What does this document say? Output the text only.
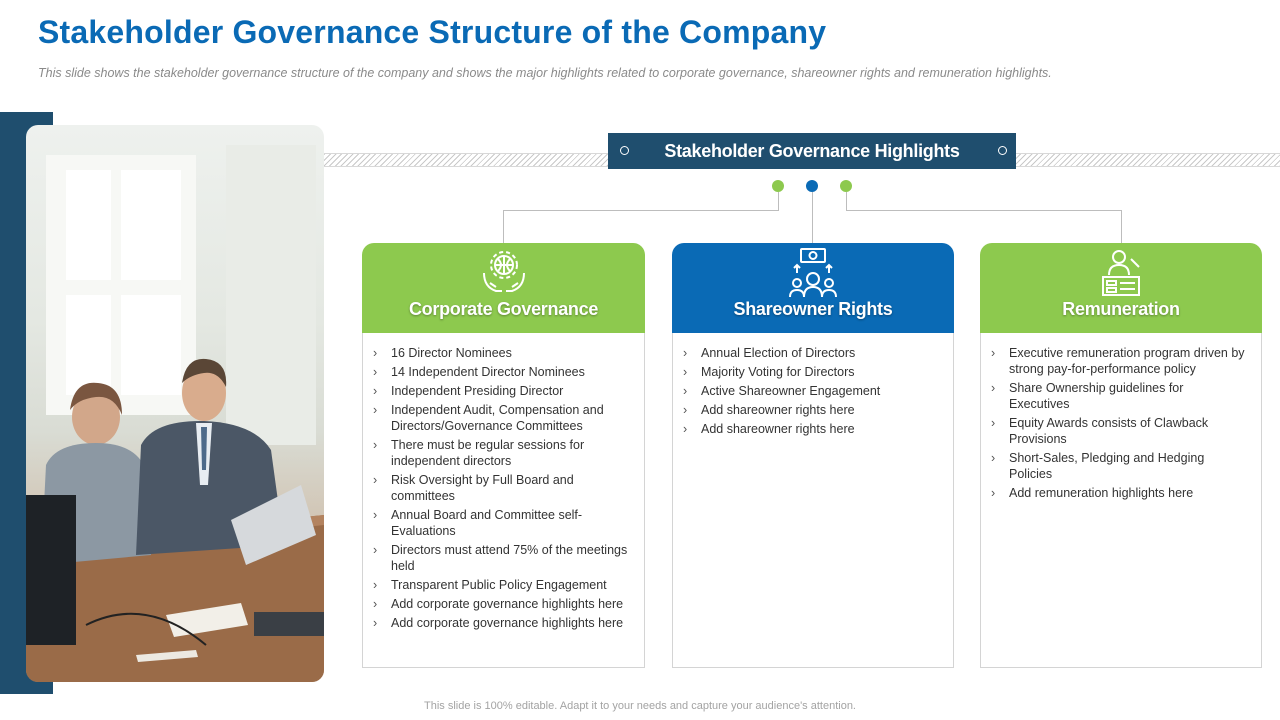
Stakeholder Governance Structure of the Company
This slide shows the stakeholder governance structure of the company and shows the major highlights related to corporate governance, shareowner rights and remuneration highlights.
Stakeholder Governance Highlights
Corporate Governance
› 16 Director Nominees
› 14 Independent Director Nominees
› Independent Presiding Director
› Independent Audit, Compensation and Directors/Governance Committees
› There must be regular sessions for independent directors
› Risk Oversight by Full Board and committees
› Annual Board and Committee self-Evaluations
› Directors must attend 75% of the meetings held
› Transparent Public Policy Engagement
› Add corporate governance highlights here
› Add corporate governance highlights here
Shareowner Rights
› Annual Election of Directors
› Majority Voting for Directors
› Active Shareowner Engagement
› Add shareowner rights here
› Add shareowner rights here
Remuneration
› Executive remuneration program driven by strong pay-for-performance policy
› Share Ownership guidelines for Executives
› Equity Awards consists of Clawback Provisions
› Short-Sales, Pledging and Hedging Policies
› Add remuneration highlights here
This slide is 100% editable. Adapt it to your needs and capture your audience's attention.
